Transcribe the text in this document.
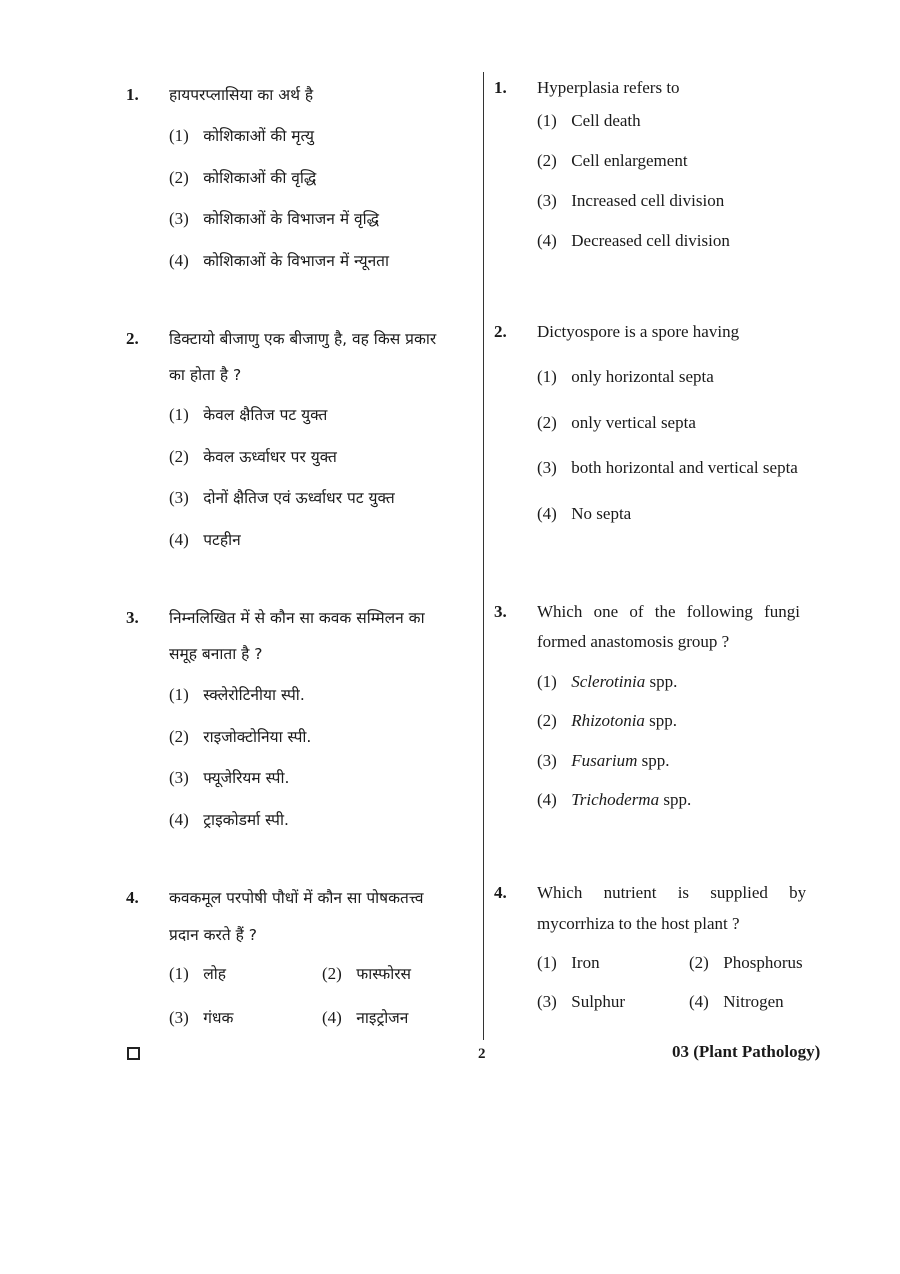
1. हायपरप्लासिया का अर्थ है
(1) कोशिकाओं की मृत्यु
(2) कोशिकाओं की वृद्धि
(3) कोशिकाओं के विभाजन में वृद्धि
(4) कोशिकाओं के विभाजन में न्यूनता
2. डिक्टायो बीजाणु एक बीजाणु है, वह किस प्रकार
का होता है ?
(1) केवल क्षैतिज पट युक्त
(2) केवल ऊर्ध्वाधर पर युक्त
(3) दोनों क्षैतिज एवं ऊर्ध्वाधर पट युक्त
(4) पटहीन
3. निम्नलिखित में से कौन सा कवक सम्मिलन का
समूह बनाता है ?
(1) स्क्लेरोटिनीया स्पी.
(2) राइजोक्टोनिया स्पी.
(3) फ्यूजेरियम स्पी.
(4) ट्राइकोडर्मा स्पी.
4. कवकमूल परपोषी पौधों में कौन सा पोषकतत्त्व
प्रदान करते हैं ?
(1) लोह	(2) फास्फोरस
(3) गंधक	(4) नाइट्रोजन
1. Hyperplasia refers to
(1) Cell death
(2) Cell enlargement
(3) Increased cell division
(4) Decreased cell division
2. Dictyospore is a spore having
(1) only horizontal septa
(2) only vertical septa
(3) both horizontal and vertical septa
(4) No septa
3. Which one of the following fungi
formed anastomosis group ?
(1) Sclerotinia spp.
(2) Rhizotonia spp.
(3) Fusarium spp.
(4) Trichoderma spp.
4. Which nutrient is supplied by
mycorrhiza to the host plant ?
(1) Iron	(2) Phosphorus
(3) Sulphur	(4) Nitrogen
2	03 (Plant Pathology)
